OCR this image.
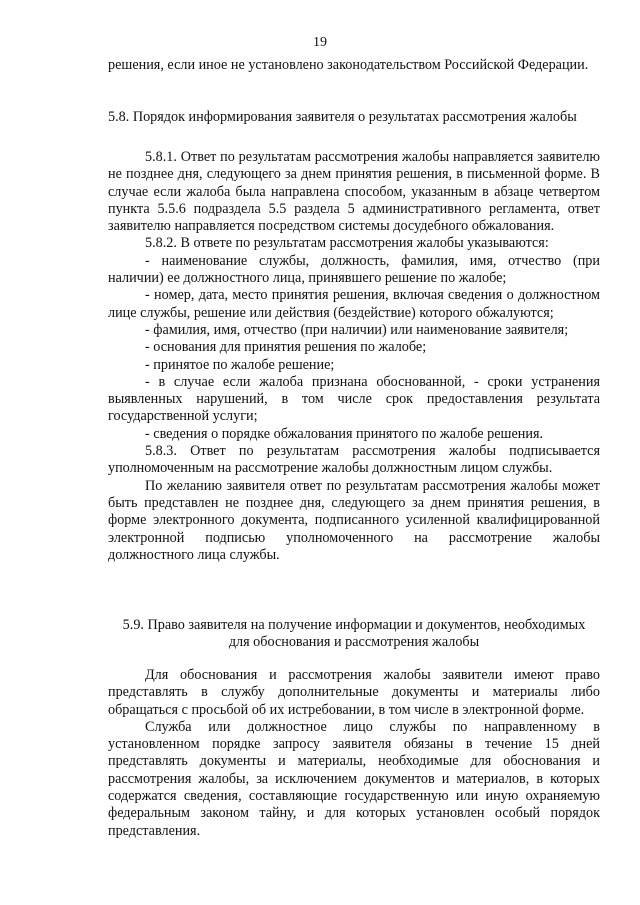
19

решения, если иное не установлено законодательством Российской Федерации.

5.8. Порядок информирования заявителя о результатах рассмотрения жалобы

5.8.1. Ответ по результатам рассмотрения жалобы направляется заявителю не позднее дня, следующего за днем принятия решения, в письменной форме. В случае если жалоба была направлена способом, указанным в абзаце четвертом пункта 5.5.6 подраздела 5.5 раздела 5 административного регламента, ответ заявителю направляется посредством системы досудебного обжалования.

5.8.2. В ответе по результатам рассмотрения жалобы указываются:

- наименование службы, должность, фамилия, имя, отчество (при наличии) ее должностного лица, принявшего решение по жалобе;

- номер, дата, место принятия решения, включая сведения о должностном лице службы, решение или действия (бездействие) которого обжалуются;

- фамилия, имя, отчество (при наличии) или наименование заявителя;

- основания для принятия решения по жалобе;

- принятое по жалобе решение;

- в случае если жалоба признана обоснованной, - сроки устранения выявленных нарушений, в том числе срок предоставления результата государственной услуги;

- сведения о порядке обжалования принятого по жалобе решения.

5.8.3. Ответ по результатам рассмотрения жалобы подписывается уполномоченным на рассмотрение жалобы должностным лицом службы.

По желанию заявителя ответ по результатам рассмотрения жалобы может быть представлен не позднее дня, следующего за днем принятия решения, в форме электронного документа, подписанного усиленной квалифицированной электронной подписью уполномоченного на рассмотрение жалобы должностного лица службы.

5.9. Право заявителя на получение информации и документов, необходимых

для обоснования и рассмотрения жалобы

Для обоснования и рассмотрения жалобы заявители имеют право представлять в службу дополнительные документы и материалы либо обращаться с просьбой об их истребовании, в том числе в электронной форме.

Служба или должностное лицо службы по направленному в установленном порядке запросу заявителя обязаны в течение 15 дней представлять документы и материалы, необходимые для обоснования и рассмотрения жалобы, за исключением документов и материалов, в которых содержатся сведения, составляющие государственную или иную охраняемую федеральным законом тайну, и для которых установлен особый порядок представления.
